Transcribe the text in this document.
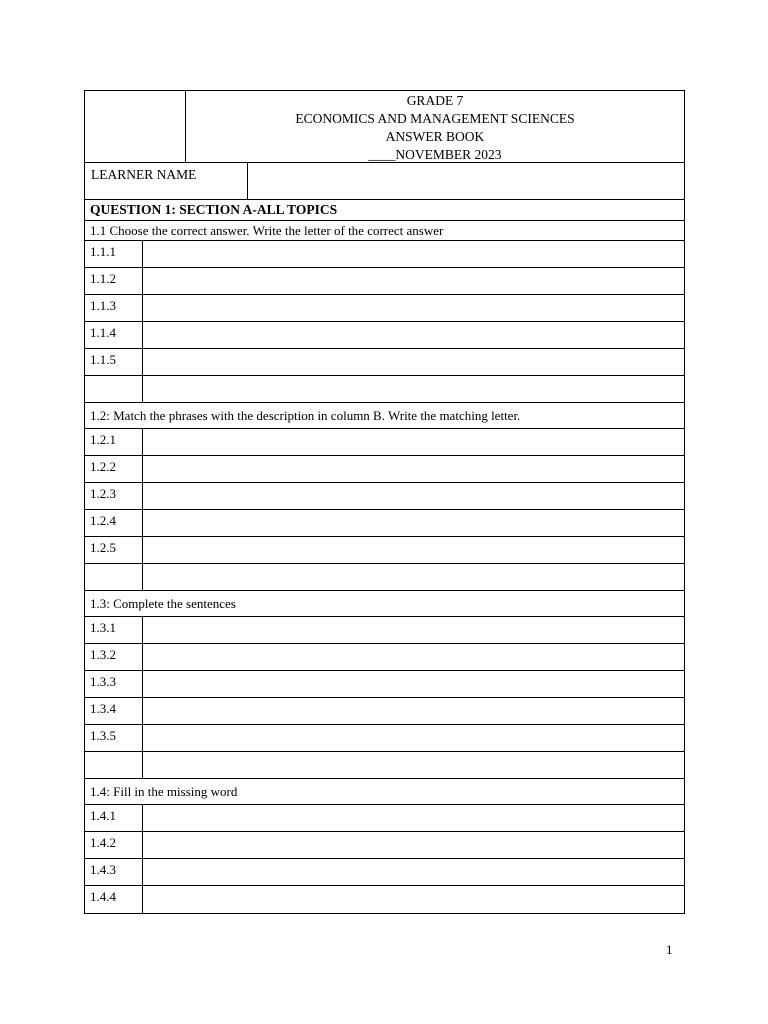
GRADE 7
ECONOMICS AND MANAGEMENT SCIENCES
ANSWER BOOK
____NOVEMBER 2023
LEARNER NAME
QUESTION 1: SECTION A-ALL TOPICS
1.1 Choose the correct answer. Write the letter of the correct answer
1.1.1
1.1.2
1.1.3
1.1.4
1.1.5
1.2: Match the phrases with the description in column B. Write the matching letter.
1.2.1
1.2.2
1.2.3
1.2.4
1.2.5
1.3: Complete the sentences
1.3.1
1.3.2
1.3.3
1.3.4
1.3.5
1.4: Fill in the missing word
1.4.1
1.4.2
1.4.3
1.4.4
1
